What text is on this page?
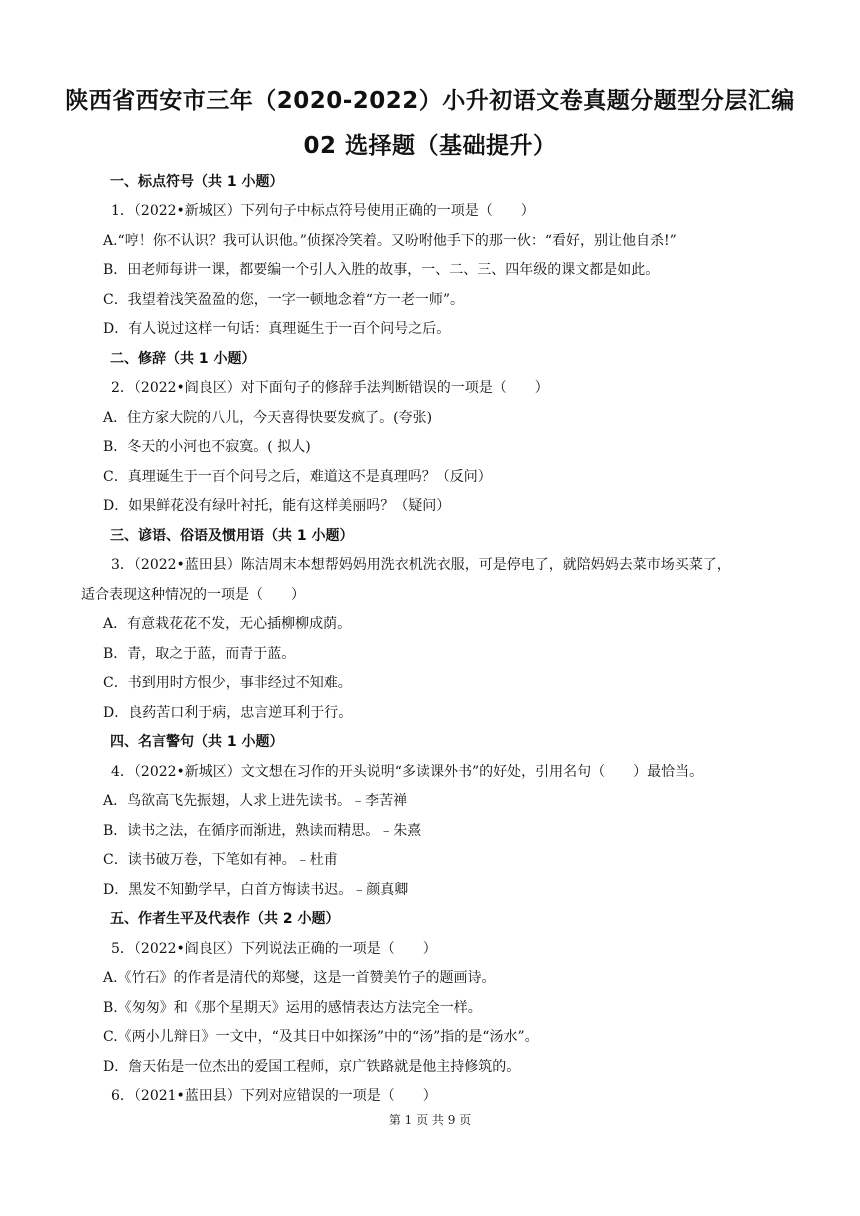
陕西省西安市三年（2020-2022）小升初语文卷真题分题型分层汇编
02 选择题（基础提升）
一、标点符号（共 1 小题）
1．（2022•新城区）下列句子中标点符号使用正确的一项是（　　）
A.“哼！你不认识？我可认识他。”侦探冷笑着。又吩咐他手下的那一伙：“看好，别让他自杀!”
B．田老师每讲一课，都要编一个引人入胜的故事，一、二、三、四年级的课文都是如此。
C．我望着浅笑盈盈的您，一字一顿地念着“方一老一师”。
D．有人说过这样一句话：真理诞生于一百个问号之后。
二、修辞（共 1 小题）
2．（2022•阎良区）对下面句子的修辞手法判断错误的一项是（　　）
A．住方家大院的八儿，今天喜得快要发疯了。(夸张)
B．冬天的小河也不寂寞。( 拟人)
C．真理诞生于一百个问号之后，难道这不是真理吗？（反问）
D．如果鲜花没有绿叶衬托，能有这样美丽吗？（疑问）
三、谚语、俗语及惯用语（共 1 小题）
3．（2022•蓝田县）陈洁周末本想帮妈妈用洗衣机洗衣服，可是停电了，就陪妈妈去菜市场买菜了，
适合表现这种情况的一项是（　　）
A．有意栽花花不发，无心插柳柳成荫。
B．青，取之于蓝，而青于蓝。
C．书到用时方恨少，事非经过不知难。
D．良药苦口利于病，忠言逆耳利于行。
四、名言警句（共 1 小题）
4．（2022•新城区）文文想在习作的开头说明“多读课外书”的好处，引用名句（　　）最恰当。
A．鸟欲高飞先振翅，人求上进先读书。﹣李苦禅
B．读书之法，在循序而渐进，熟读而精思。﹣朱熹
C．读书破万卷，下笔如有神。﹣杜甫
D．黑发不知勤学早，白首方悔读书迟。﹣颜真卿
五、作者生平及代表作（共 2 小题）
5．（2022•阎良区）下列说法正确的一项是（　　）
A.《竹石》的作者是清代的郑燮，这是一首赞美竹子的题画诗。
B.《匆匆》和《那个星期天》运用的感情表达方法完全一样。
C.《两小儿辩日》一文中，“及其日中如探汤”中的“汤”指的是“汤水”。
D．詹天佑是一位杰出的爱国工程师，京广铁路就是他主持修筑的。
6．（2021•蓝田县）下列对应错误的一项是（　　）
第 1 页 共 9 页
